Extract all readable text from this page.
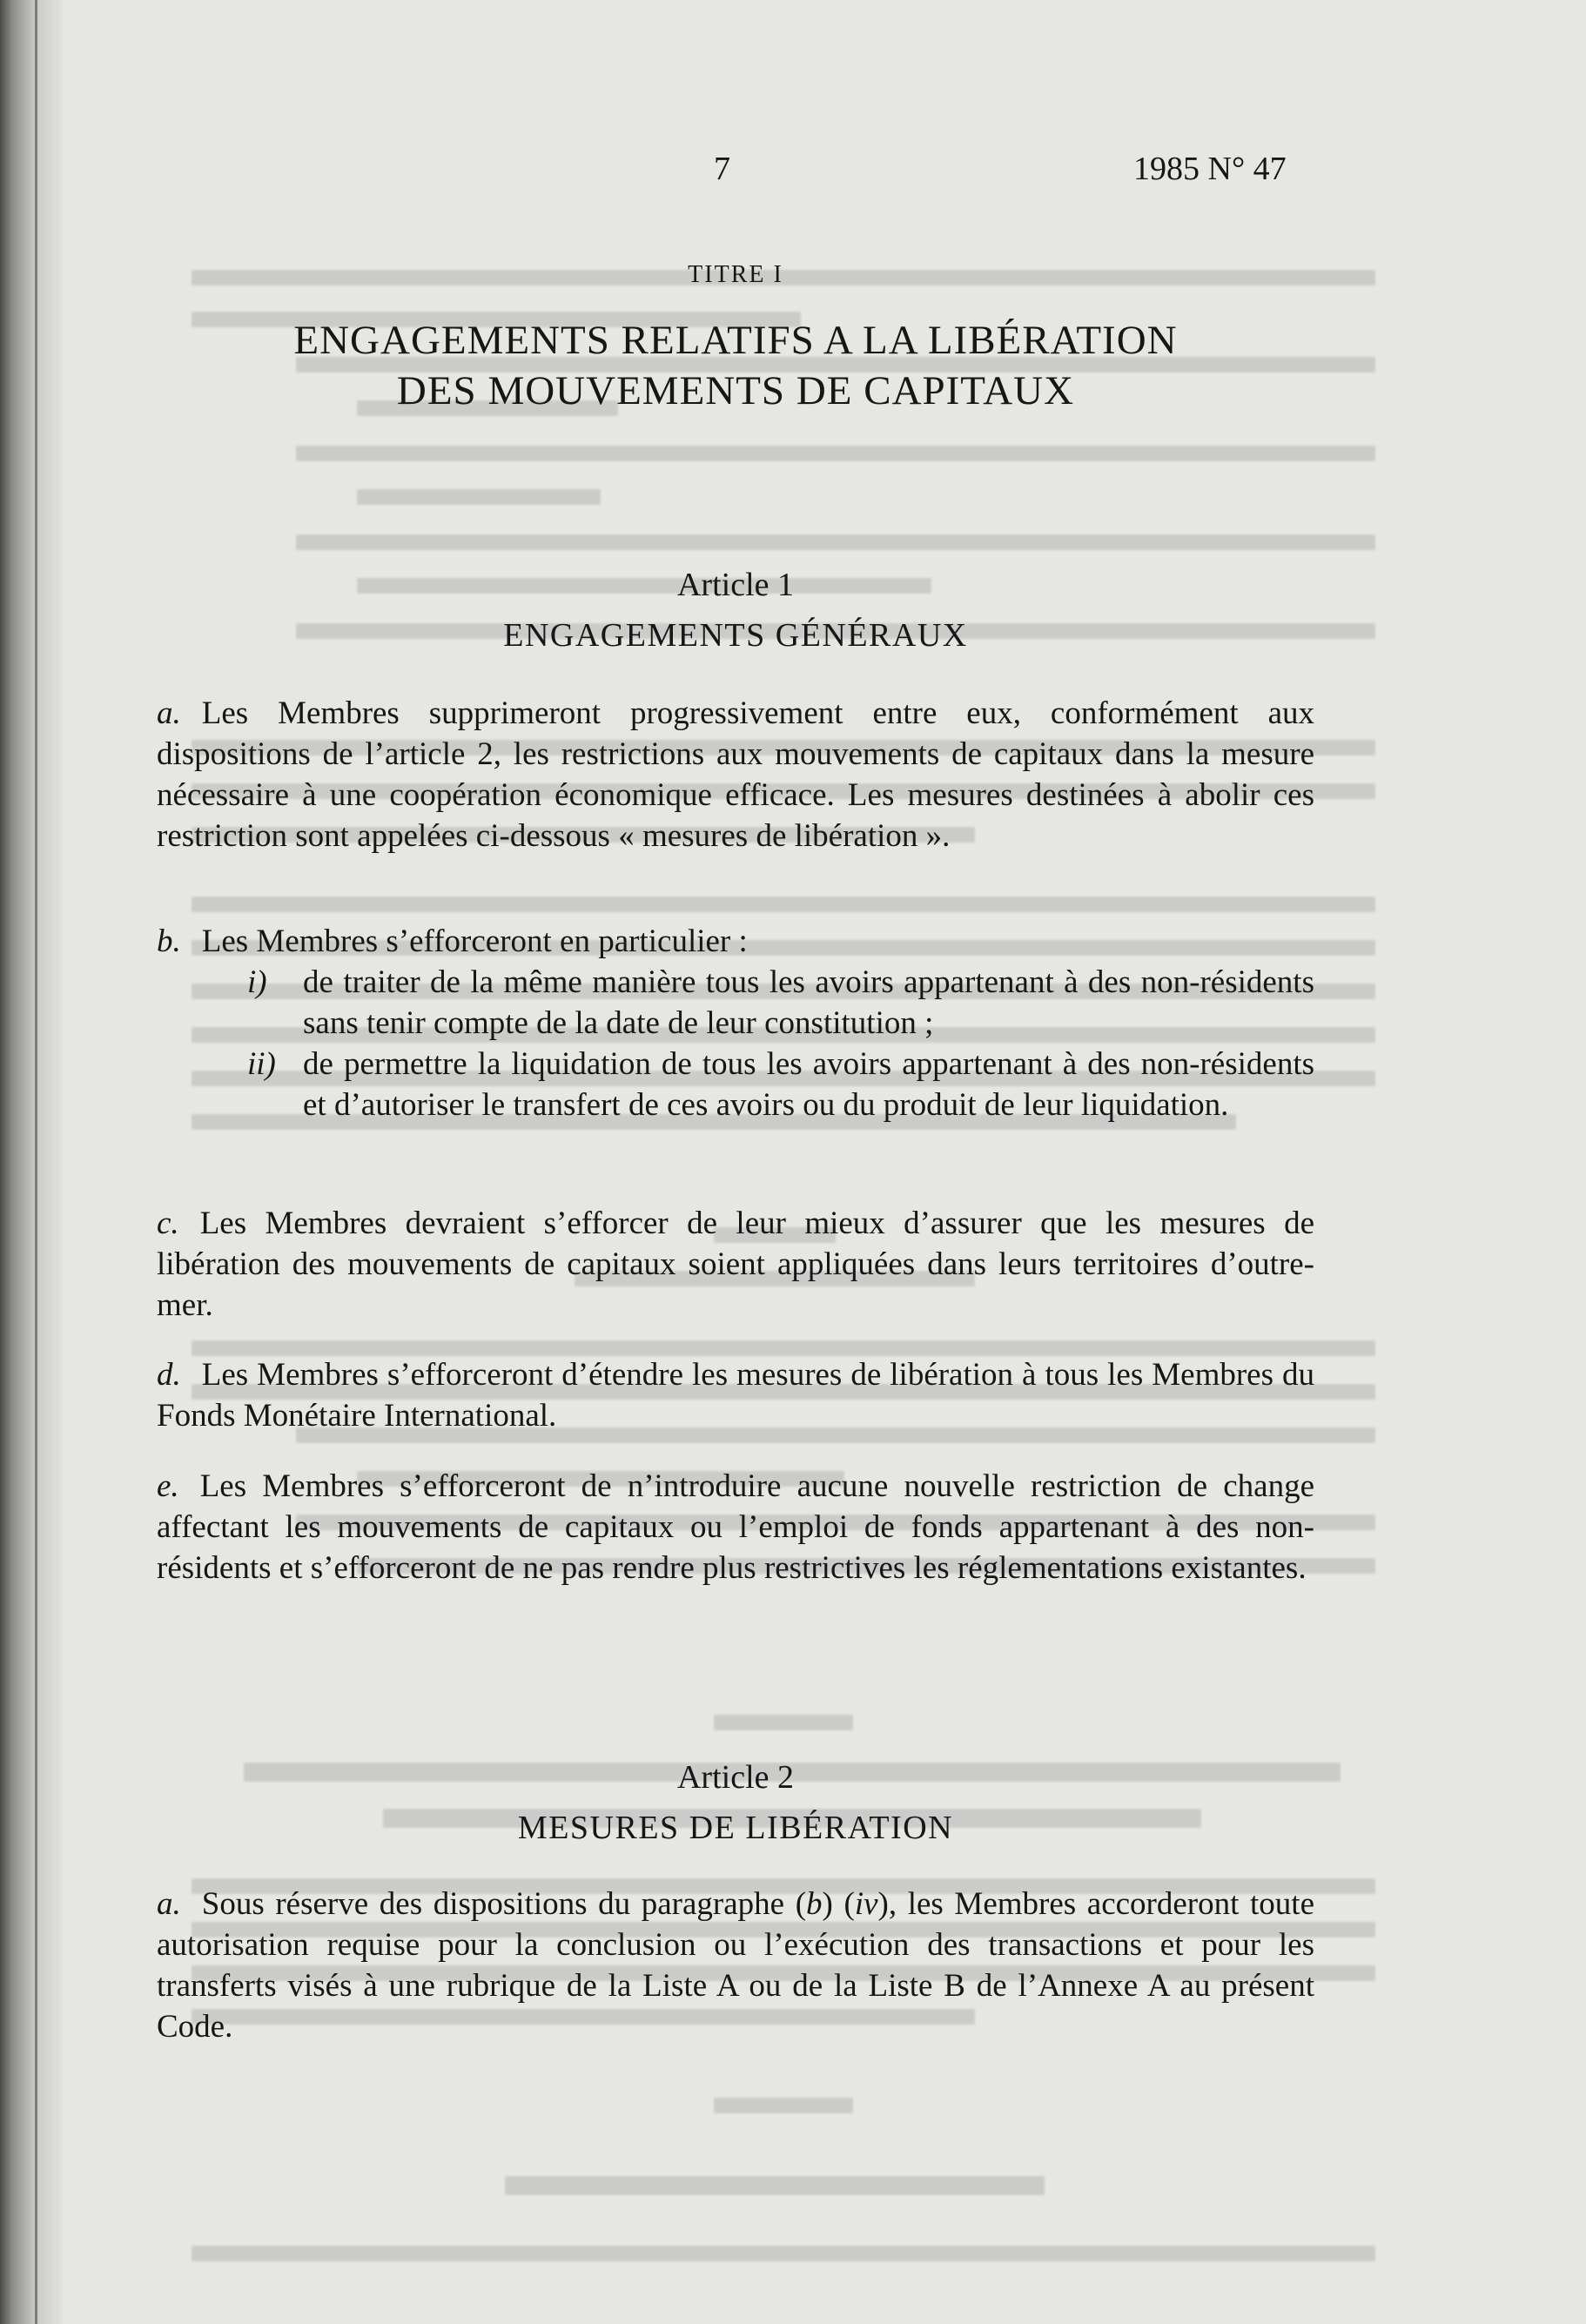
7	1985 N° 47
TITRE I
ENGAGEMENTS RELATIFS A LA LIBÉRATION
DES MOUVEMENTS DE CAPITAUX
Article 1
ENGAGEMENTS GÉNÉRAUX

a. Les Membres supprimeront progressivement entre eux, conformément aux dispositions de l’article 2, les restrictions aux mouvements de capitaux dans la mesure nécessaire à une coopération économique efficace. Les mesures destinées à abolir ces restriction sont appelées ci-dessous « mesures de libération ».

b. Les Membres s’efforceront en particulier :

i) de traiter de la même manière tous les avoirs appartenant à des non-résidents sans tenir compte de la date de leur constitution ;

ii) de permettre la liquidation de tous les avoirs appartenant à des non-résidents et d’autoriser le transfert de ces avoirs ou du produit de leur liquidation.

c. Les Membres devraient s’efforcer de leur mieux d’assurer que les mesures de libération des mouvements de capitaux soient appliquées dans leurs territoires d’outre-mer.

d. Les Membres s’efforceront d’étendre les mesures de libération à tous les Membres du Fonds Monétaire International.

e. Les Membres s’efforceront de n’introduire aucune nouvelle restriction de change affectant les mouvements de capitaux ou l’emploi de fonds appartenant à des non-résidents et s’efforceront de ne pas rendre plus restrictives les réglementations existantes.

Article 2
MESURES DE LIBÉRATION

a. Sous réserve des dispositions du paragraphe (b) (iv), les Membres accorderont toute autorisation requise pour la conclusion ou l’exécution des transactions et pour les transferts visés à une rubrique de la Liste A ou de la Liste B de l’Annexe A au présent Code.
